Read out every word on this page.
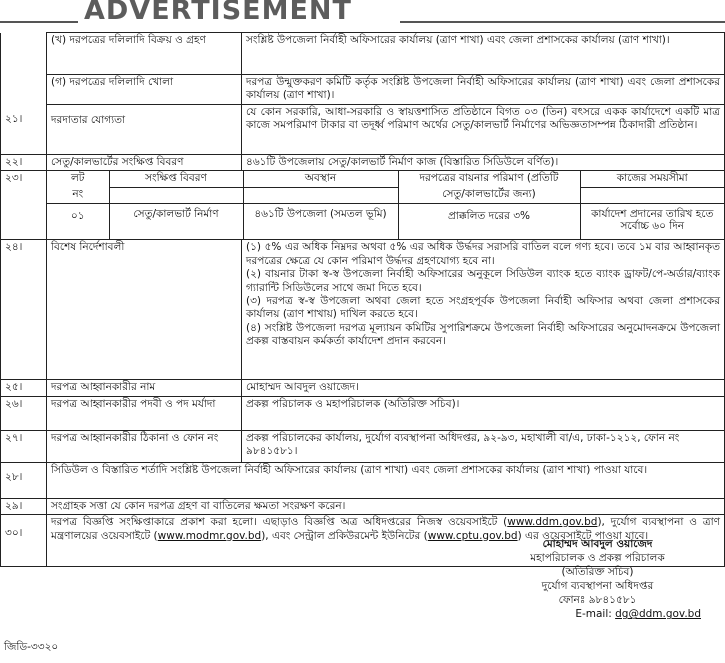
ADVERTISEMENT
	(খ) দরপত্রের দলিলাদি বিক্রয় ও গ্রহণ	সংশ্লিষ্ট উপজেলা নির্বাহী অফিসারের কার্যালয় (ত্রাণ শাখা) এবং জেলা প্রশাসকের কার্যালয় (ত্রাণ শাখা)।
	(গ) দরপত্রের দলিলাদি খোলা	দরপত্র উন্মুক্তকরণ কমিটি কর্তৃক সংশ্লিষ্ট উপজেলা নির্বাহী অফিসারের কার্যালয় (ত্রাণ শাখা) এবং জেলা প্রশাসকের কার্যালয় (ত্রাণ শাখা)।
২১।	দরদাতার যোগ্যতা	যে কোন সরকারি, আধা-সরকারি ও স্বায়ত্তশাসিত প্রতিষ্ঠানে বিগত ০৩ (তিন) বৎসরে একক কার্যাদেশে একটি মাত্র কাজে সমপরিমাণ টাকার বা তদূর্ধ্ব পরিমাণ অর্থের সেতু/কালভার্ট নির্মাণের অভিজ্ঞতাসম্পন্ন ঠিকাদারী প্রতিষ্ঠান।
২২।	সেতু/কালভার্টের সংক্ষিপ্ত বিবরণ	৪৬১টি উপজেলায় সেতু/কালভার্ট নির্মাণ কাজ (বিস্তারিত সিডিউলে বর্ণিত)।
২৩।		লট	সংক্ষিপ্ত বিবরণ	অবস্থান	দরপত্রের বায়নার পরিমাণ (প্রতিটি	কাজের সময়সীমা
নং			সেতু/কালভার্টের জন্য)	
০১	সেতু/কালভার্ট নির্মাণ	৪৬১টি উপজেলা (সমতল ভূমি)	প্রাক্কলিত দরের ৩%	কার্যাদেশ প্রদানের তারিখ হতে সর্বোচ্চ ৬০ দিন

২৪।	বিশেষ নির্দেশাবলী	(১) ৫% এর অধিক নিম্নদর অথবা ৫% এর অধিক উর্দ্ধদর সরাসরি বাতিল বলে গণ্য হবে। তবে ১ম বার আহ্বানকৃত দরপত্রের ক্ষেত্রে যে কোন পরিমাণ উর্দ্ধদর গ্রহণযোগ্য হবে না।
(২) বায়নার টাকা স্ব-স্ব উপজেলা নির্বাহী অফিসারের অনুকূলে সিডিউল ব্যাংক হতে ব্যাংক ড্রাফট/পে-অর্ডার/ব্যাংক গ্যারান্টি সিডিউলের সাথে জমা দিতে হবে।
(৩) দরপত্র স্ব-স্ব উপজেলা অথবা জেলা হতে সংগ্রহপূর্বক উপজেলা নির্বাহী অফিসার অথবা জেলা প্রশাসকের কার্যালয় (ত্রাণ শাখায়) দাখিল করতে হবে।
(৪) সংশ্লিষ্ট উপজেলা দরপত্র মূল্যায়ন কমিটির সুপারিশক্রমে উপজেলা নির্বাহী অফিসারের অনুমোদনক্রমে উপজেলা প্রকল্প বাস্তবায়ন কর্মকর্তা কার্যাদেশ প্রদান করবেন।

২৫।	দরপত্র আহ্বানকারীর নাম	মোহাম্মদ আবদুল ওয়াজেদ।
২৬।	দরপত্র আহ্বানকারীর পদবী ও পদ মর্যাদা	প্রকল্প পরিচালক ও মহাপরিচালক (অতিরিক্ত সচিব)।
২৭।	দরপত্র আহ্বানকারীর ঠিকানা ও ফোন নং	প্রকল্প পরিচালকের কার্যালয়, দুর্যোগ ব্যবস্থাপনা অধিদপ্তর, ৯২-৯৩, মহাখালী বা/এ, ঢাকা-১২১২, ফোন নং ৯৮৪১৫৮১।
২৮।	সিডিউল ও বিস্তারিত শর্তাদি সংশ্লিষ্ট উপজেলা নির্বাহী অফিসারের কার্যালয় (ত্রাণ শাখা) এবং জেলা প্রশাসকের কার্যালয় (ত্রাণ শাখা) পাওয়া যাবে।
২৯।	সংগ্রাহক সত্তা যে কোন দরপত্র গ্রহণ বা বাতিলের ক্ষমতা সংরক্ষণ করেন।
৩০।	দরপত্র বিজ্ঞপ্তি সংক্ষিপ্তাকারে প্রকাশ করা হলো। এছাড়াও বিজ্ঞপ্তি অত্র অধিদপ্তরের নিজস্ব ওয়েবসাইটে (www.ddm.gov.bd), দুর্যোগ ব্যবস্থাপনা ও ত্রাণ মন্ত্রণালয়ের ওয়েবসাইটে (www.modmr.gov.bd), এবং সেন্ট্রাল প্রকিউরমেন্ট ইউনিটের (www.cptu.gov.bd) এর ওয়েবসাইটে পাওয়া যাবে।
মোহাম্মদ আবদুল ওয়াজেদ
মহাপরিচালক ও প্রকল্প পরিচালক
(অতিরিক্ত সচিব)
দুর্যোগ ব্যবস্থাপনা অধিদপ্তর
ফোনঃ ৯৮৪১৫৮১
E-mail: dg@ddm.gov.bd
জিডি-৩৩২০
